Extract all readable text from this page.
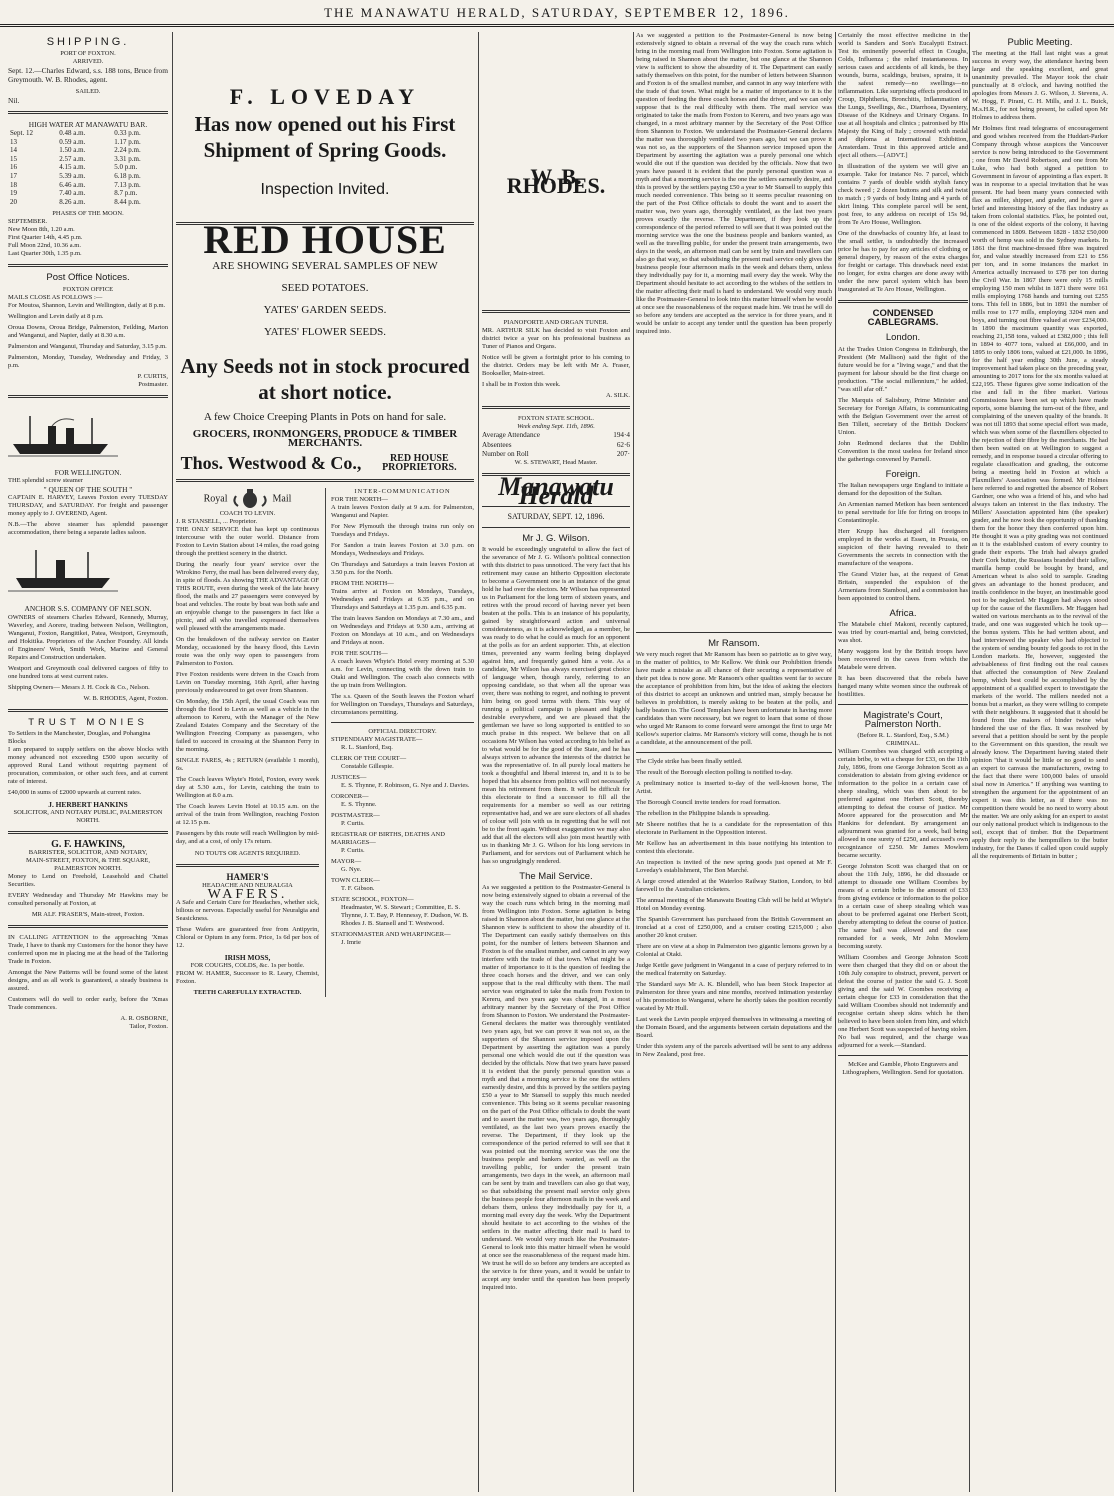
THE MANAWATU HERALD, SATURDAY, SEPTEMBER 12, 1896.
SHIPPING.
PORT OF FOXTON.
ARRIVED.

Sept. 12.—Charles Edward, s.s. 188 tons, Bruce from Greymouth. W. B. Rhodes, agent.

SAILED.

Nil.

HIGH WATER AT MANAWATU BAR.
Sept. 12	0.48 a.m.	0.33 p.m.
13	0.59 a.m.	1.17 p.m.
14	1.50 a.m.	2.24 p.m.
15	2.57 a.m.	3.31 p.m.
16	4.15 a.m.	5.0 p.m.
17	5.39 a.m.	6.18 p.m.
18	6.46 a.m.	7.13 p.m.
19	7.40 a.m.	8.7 p.m.
20	8.26 a.m.	8.44 p.m.
PHASES OF THE MOON.
SEPTEMBER.
New Moon 8th, 1.20 a.m.
First Quarter 14th, 4.45 p.m.
Full Moon 22nd, 10.36 a.m.
Last Quarter 30th, 1.35 p.m.
Post Office Notices.
FOXTON OFFICE
MAILS CLOSE AS FOLLOWS :—

For Moutoa, Shannon, Levin and Wellington, daily at 8 p.m.

Wellington and Levin daily at 8 p.m.

Oroua Downs, Oroua Bridge, Palmerston, Feilding, Marton and Wanganui, and Napier, daily at 8.30 a.m.

Palmerston and Wanganui, Thursday and Saturday, 3.15 p.m.

Palmerston, Monday, Tuesday, Wednesday and Friday, 3 p.m.

P. CURTIS,
Postmaster.
FOR WELLINGTON.
THE splendid screw steamer
" QUEEN OF THE SOUTH "

CAPTAIN E. HARVEY, Leaves Foxton every TUESDAY THURSDAY, and SATURDAY. For freight and passenger money apply to J. OVEREND, Agent.

N.B.—The above steamer has splendid passenger accommodation, there being a separate ladies saloon.

ANCHOR S.S. COMPANY OF NELSON.

OWNERS of steamers Charles Edward, Kennedy, Murray, Waverley, and Aorere, trading between Nelson, Wellington, Wanganui, Foxton, Rangitikei, Patea, Westport, Greymouth, and Hokitika. Proprietors of the Anchor Foundry. All kinds of Engineers' Work, Smith Work, Marine and General Repairs and Construction undertaken.

Westport and Greymouth coal delivered cargoes of fifty to one hundred tons at west current rates.

Shipping Owners— Messrs J. H. Cock & Co., Nelson.

W. B. RHODES, Agent, Foxton.
TRUST MONIES
To Settlers in the Manchester, Douglas, and Pohangina Blocks

I am prepared to supply settlers on the above blocks with money advanced not exceeding £500 upon security of approved Rural Land without requiring payment of procuration, commission, or other such fees, and at current rate of interest.

£40,000 in sums of £2000 upwards at current rates.

J. HERBERT HANKINS
SOLICITOR, AND NOTARY PUBLIC, PALMERSTON NORTH.
G. F. HAWKINS,
BARRISTER, SOLICITOR, AND NOTARY,
MAIN-STREET, FOXTON, & THE SQUARE, PALMERSTON NORTH.

Money to Lend on Freehold, Leasehold and Chattel Securities.

EVERY Wednesday and Thursday Mr Hawkins may be consulted personally at Foxton, at

MR ALF. FRASER'S, Main-street, Foxton.

IN CALLING ATTENTION to the approaching 'Xmas Trade, I have to thank my Customers for the honor they have conferred upon me in placing me at the head of the Tailoring Trade in Foxton.

Amongst the New Patterns will be found some of the latest designs, and as all work is guaranteed, a steady business is assured.

Customers will do well to order early, before the 'Xmas Trade commences.

A. R. OSBORNE,
Tailor, Foxton.
F. LOVEDAY
Has now opened out his First
Shipment of Spring Goods.
Inspection Invited.
RED HOUSE
ARE SHOWING SEVERAL SAMPLES OF NEW
SEED POTATOES.
YATES' GARDEN SEEDS.
YATES' FLOWER SEEDS.
Any Seeds not in stock procured
at short notice.
A few Choice Creeping Plants in Pots on hand for sale.
GROCERS, IRONMONGERS, PRODUCE & TIMBER MERCHANTS.
Thos. Westwood & Co.,	RED HOUSE PROPRIETORS.
Royal	Mail
COACH TO LEVIN.
J. R STANSELL, ... Proprietor.

THE ONLY SERVICE that has kept up continuous intercourse with the outer world. Distance from Foxton to Levin Station about 14 miles, the road going through the prettiest scenery in the district.

During the nearly four years' service over the Wirokino Ferry, the mail has been delivered every day, in spite of floods. As showing THE ADVANTAGE OF THIS ROUTE, even during the week of the late heavy flood, the mails and 27 passengers were conveyed by boat and vehicles. The route by boat was both safe and an enjoyable change to the passengers in fact like a picnic, and all who travelled expressed themselves well pleased with the arrangements made.

On the breakdown of the railway service on Easter Monday, occasioned by the heavy flood, this Levin route was the only way open to passengers from Palmerston to Foxton.

Five Foxton residents were driven in the Coach from Levin on Tuesday morning, 16th April, after having previously endeavoured to get over from Shannon.

On Monday, the 15th April, the usual Coach was run through the flood to Levin as well as a vehicle in the afternoon to Kereru, with the Manager of the New Zealand Estates Company and the Secretary of the Wellington Freezing Company as passengers, who failed to succeed in crossing at the Shannon Ferry in the morning.

SINGLE FARES, 4s ; RETURN (available 1 month), 6s.

The Coach leaves Whyte's Hotel, Foxton, every week day at 5.30 a.m., for Levin, catching the train to Wellington at 8.0 a.m.

The Coach leaves Levin Hotel at 10.15 a.m. on the arrival of the train from Wellington, reaching Foxton at 12.15 p.m.

Passengers by this route will reach Wellington by mid-day, and at a cost, of only 17s return.

NO TOUTS OR AGENTS REQUIRED.
HAMER'S
HEADACHE AND NEURALGIA
WAFERS.

A Safe and Certain Cure for Headaches, whether sick, bilious or nervous. Especially useful for Neuralgia and Seasickness.

These Wafers are guaranteed free from Antipyrin, Chloral or Opium in any form. Price, 1s 6d per box of 12.

IRISH MOSS,
FOR COUGHS, COLDS, &c. 1s per bottle.

FROM W. HAMER, Successor to R. Leary, Chemist, Foxton.

TEETH CAREFULLY EXTRACTED.
INTER-COMMUNICATION
FOR THE NORTH—

A train leaves Foxton daily at 9 a.m. for Palmerston, Wanganui and Napier.

For New Plymouth the through trains run only on Tuesdays and Fridays.

For Sandon a train leaves Foxton at 3.0 p.m. on Mondays, Wednesdays and Fridays.

On Thursdays and Saturdays a train leaves Foxton at 3.50 p.m. for the North.

FROM THE NORTH—

Trains arrive at Foxton on Mondays, Tuesdays, Wednesdays and Fridays at 6.35 p.m., and on Thursdays and Saturdays at 1.35 p.m. and 6.35 p.m.

The train leaves Sandon on Mondays at 7.30 am., and on Wednesdays and Fridays at 9.30 a.m., arriving at Foxton on Mondays at 10 a.m., and on Wednesdays and Fridays at noon.

FOR THE SOUTH—

A coach leaves Whyte's Hotel every morning at 5.30 a.m. for Levin, connecting with the down train to Otaki and Wellington. The coach also connects with the up train from Wellington.

The s.s. Queen of the South leaves the Foxton wharf for Wellington on Tuesdays, Thursdays and Saturdays, circumstances permitting.

OFFICIAL DIRECTORY.
STIPENDIARY MAGISTRATE—
R. L. Stanford, Esq.
CLERK OF THE COURT—
Constable Gillespie.
JUSTICES—
E. S. Thynne, F. Robinson, G. Nye and J. Davies.
CORONER—
E. S. Thynne.
POSTMASTER—
P. Curtis.
REGISTRAR OF BIRTHS, DEATHS AND MARRIAGES—
P. Curtis.
MAYOR—
G. Nye.
TOWN CLERK—
T. F. Gibson.
STATE SCHOOL, FOXTON—
Headmaster, W. S. Stewart ; Committee, E. S. Thynne, J. T. Bay, P. Hennessy, F. Dudson, W. B. Rhodes J. B. Stansell and T. Westwood.
STATIONMASTER AND WHARFINGER—
J. Imrie
W. B. RHODES.
PIANOFORTE AND ORGAN TUNER.

MR. ARTHUR SILK has decided to visit Foxton and district twice a year on his professional business as Tuner of Pianos and Organs.

Notice will be given a fortnight prior to his coming to the district. Orders may be left with Mr A. Fraser, Bookseller, Main-street.

I shall be in Foxton this week.

A. SILK.
FOXTON STATE SCHOOL.
Week ending Sept. 11th, 1896.
Average Attendance	194·4
Absentees	62·6
Number on Roll	207·
W. S. STEWART, Head Master.
Manawatu Herald
SATURDAY, SEPT. 12, 1896.
Mr J. G. Wilson.

It would be exceedingly ungrateful to allow the fact of the severance of Mr J. G. Wilson's political connection with this district to pass unnoticed. The very fact that his retirement may cause an hitherto Opposition electorate to become a Government one is an instance of the great hold he had over the electors. Mr Wilson has represented us in Parliament for the long term of sixteen years, and retires with the proud record of having never yet been beaten at the polls. This is an instance of his popularity, gained by straightforward action and universal considerateness, as it is acknowledged, as a member, he was ready to do what he could as much for an opponent at the polls as for an ardent supporter. This, at election times, prevented any warm feeling being displayed against him, and frequently gained him a vote. As a candidate, Mr Wilson has always exercised great choice of language when, though rarely, referring to an opposing candidate, so that when all the uproar was over, there was nothing to regret, and nothing to prevent him being on good terms with them. This way of running a political campaign is pleasant and highly desirable everywhere, and we are pleased that the gentleman we have so long supported is entitled to so much praise in this respect. We believe that on all occasions Mr Wilson has voted according to his belief as to what would be for the good of the State, and he has always striven to advance the interests of the district he was the representative of. In all purely local matters he took a thoughtful and liberal interest in, and it is to be hoped that his absence from politics will not necessarily mean his retirement from them. It will be difficult for this electorate to find a successor to fill all the requirements for a member so well as our retiring representative had, and we are sure electors of all shades of colour will join with us in regretting that he will not be to the front again. Without exaggeration we may also add that all the electors will also join most heartily with us in thanking Mr J. G. Wilson for his long services in Parliament, and for services out of Parliament which he has so ungrudgingly rendered.

The Mail Service.

As we suggested a petition to the Postmaster-General is now being extensively signed to obtain a reversal of the way the coach runs which bring in the morning mail from Wellington into Foxton. Some agitation is being raised in Shannon about the matter, but one glance at the Shannon view is sufficient to show the absurdity of it. The Department can easily satisfy themselves on this point, for the number of letters between Shannon and Foxton is of the smallest number, and cannot in any way interfere with the trade of that town. What might be a matter of importance to it is the question of feeding the three coach horses and the driver, and we can only suppose that is the real difficulty with them. The mail service was originated to take the mails from Foxton to Kereru, and two years ago was changed, in a most arbitrary manner by the Secretary of the Post Office from Shannon to Foxton. We understand the Postmaster-General declares the matter was thoroughly ventilated two years ago, but we can prove it was not so, as the supporters of the Shannon service imposed upon the Department by asserting the agitation was a purely personal one which would die out if the question was decided by the officials. Now that two years have passed it is evident that the purely personal question was a myth and that a morning service is the one the settlers earnestly desire, and this is proved by the settlers paying £50 a year to Mr Stansell to supply this much needed convenience. This being so it seems peculiar reasoning on the part of the Post Office officials to doubt the want and to assert the matter was, two years ago, thoroughly ventilated, as the last two years proves exactly the reverse. The Department, if they look up the correspondence of the period referred to will see that it was pointed out the morning service was the one the business people and bankers wanted, as well as the travelling public, for under the present train arrangements, two days in the week, an afternoon mail can be sent by train and travellers can also go that way, so that subsidising the present mail service only gives the business people four afternoon mails in the week and debars them, unless they individually pay for it, a morning mail every day the week. Why the Department should hesitate to act according to the wishes of the settlers in the matter affecting their mail is hard to understand. We would very much like the Postmaster-General to look into this matter himself when he would at once see the reasonableness of the request made him. We trust he will do so before any tenders are accepted as the service is for three years, and it would be unfair to accept any tender until the question has been properly inquired into.

As we suggested a petition to the Postmaster-General is now being extensively signed to obtain a reversal of the way the coach runs which bring in the morning mail from Wellington into Foxton. Some agitation is being raised in Shannon about the matter, but one glance at the Shannon view is sufficient to show the absurdity of it. The Department can easily satisfy themselves on this point, for the number of letters between Shannon and Foxton is of the smallest number, and cannot in any way interfere with the trade of that town. What might be a matter of importance to it is the question of feeding the three coach horses and the driver, and we can only suppose that is the real difficulty with them. The mail service was originated to take the mails from Foxton to Kereru, and two years ago was changed, in a most arbitrary manner by the Secretary of the Post Office from Shannon to Foxton. We understand the Postmaster-General declares the matter was thoroughly ventilated two years ago, but we can prove it was not so, as the supporters of the Shannon service imposed upon the Department by asserting the agitation was a purely personal one which would die out if the question was decided by the officials. Now that two years have passed it is evident that the purely personal question was a myth and that a morning service is the one the settlers earnestly desire, and this is proved by the settlers paying £50 a year to Mr Stansell to supply this much needed convenience. This being so it seems peculiar reasoning on the part of the Post Office officials to doubt the want and to assert the matter was, two years ago, thoroughly ventilated, as the last two years proves exactly the reverse. The Department, if they look up the correspondence of the period referred to will see that it was pointed out the morning service was the one the business people and bankers wanted, as well as the travelling public, for under the present train arrangements, two days in the week, an afternoon mail can be sent by train and travellers can also go that way, so that subsidising the present mail service only gives the business people four afternoon mails in the week and debars them, unless they individually pay for it, a morning mail every day the week. Why the Department should hesitate to act according to the wishes of the settlers in the matter affecting their mail is hard to understand. We would very much like the Postmaster-General to look into this matter himself when he would at once see the reasonableness of the request made him. We trust he will do so before any tenders are accepted as the service is for three years, and it would be unfair to accept any tender until the question has been properly inquired into.

Mr Ransom.

We very much regret that Mr Ransom has been so patriotic as to give way, in the matter of politics, to Mr Kellow. We think our Prohibition friends have made a mistake as all chance of their securing a representative of their pet idea is now gone. Mr Ransom's other qualities went far to secure the acceptance of prohibition from him, but the idea of asking the electors of this district to accept an unknown and untried man, simply because he believes in prohibition, is merely asking to be beaten at the polls, and badly beaten to. The Good Templars have been unfortunate in having more candidates than were necessary, but we regret to learn that some of those who urged Mr Ransom to come forward were amongst the first to urge Mr Kellow's superior claims. Mr Ransom's victory will come, though he is not a candidate, at the announcement of the poll.

The Clyde strike has been finally settled.

The result of the Borough election polling is notified to-day.

A preliminary notice is inserted to-day of the well-known horse, The Artist.

The Borough Council invite tenders for road formation.

The rebellion in the Philippine Islands is spreading.

Mr Sheere notifies that he is a candidate for the representation of this electorate in Parliament in the Opposition interest.

Mr Kellow has an advertisement in this issue notifying his intention to contest this electorate.

An inspection is invited of the new spring goods just opened at Mr F. Loveday's establishment, The Bon Marché.

A large crowd attended at the Waterloo Railway Station, London, to bid farewell to the Australian cricketers.

The annual meeting of the Manawatu Boating Club will be held at Whyte's Hotel on Monday evening.

The Spanish Government has purchased from the British Government an ironclad at a cost of £250,000, and a cruiser costing £215,000 ; also another 20 knot cruiser.

There are on view at a shop in Palmerston two gigantic lemons grown by a Colonial at Otaki.

Judge Kettle gave judgment in Wanganui in a case of perjury referred to in the medical fraternity on Saturday.

The Standard says Mr A. K. Blundell, who has been Stock Inspector at Palmerston for three years and nine months, received intimation yesterday of his promotion to Wanganui, where he shortly takes the position recently vacated by Mr Hull.

Last week the Levin people enjoyed themselves in witnessing a meeting of the Domain Board, and the arguments between certain deputations and the Board.

Under this system any of the parcels advertised will be sent to any address in New Zealand, post free.

Certainly the most effective medicine in the world is Sanders and Son's Eucalypti Extract. Test its eminently powerful effect in Coughs, Colds, Influenza ; the relief instantaneous. In serious cases and accidents of all kinds, be they wounds, burns, scaldings, bruises, sprains, it is the safest remedy—no swellings—no inflammation. Like surprising effects produced in Croup, Diphtheria, Bronchitis, Inflammation of the Lungs, Swellings, &c., Diarrhoea, Dysentery, Disease of the Kidneys and Urinary Organs. In use at all hospitals and clinics ; patronised by His Majesty the King of Italy ; crowned with medal and diploma at International Exhibition, Amsterdam. Trust in this approved article and eject all others.—[ADVT.]

In illustration of the system we will give an example. Take for instance No. 7 parcel, which contains 7 yards of double width stylish fancy check tweed ; 2 dozen buttons and silk and twist to match ; 9 yards of body lining and 4 yards of skirt lining. This complete parcel will be sent, post free, to any address on receipt of 15s 9d, from Te Aro House, Wellington.

One of the drawbacks of country life, at least to the small settler, is undoubtedly the increased price he has to pay for any articles of clothing or general drapery, by reason of the extra charges for freight or cartage. This drawback need exist no longer, for extra charges are done away with under the new parcel system which has been inaugurated at Te Aro House, Wellington.

CONDENSED CABLEGRAMS.
London.

At the Trades Union Congress in Edinburgh, the President (Mr Mallison) said the fight of the future would be for a "living wage," and that the payment for labour should be the first charge on production. "The social millennium," he added, "was still afar off."

The Marquis of Salisbury, Prime Minister and Secretary for Foreign Affairs, is communicating with the Belgian Government over the arrest of Ben Tillett, secretary of the British Dockers' Union.

John Redmond declares that the Dublin Convention is the most useless for Ireland since the gatherings convened by Parnell.

Foreign.

The Italian newspapers urge England to initiate a demand for the deposition of the Sultan.

An Armenian named Metkon has been sentenced to penal servitude for life for firing on troops in Constantinople.

Herr Krupp has discharged all foreigners employed in the works at Essen, in Prussia, on suspicion of their having revealed to their Governments the secrets in connection with the manufacture of the weapons.

The Grand Vizier has, at the request of Great Britain, suspended the expulsion of the Armenians from Stamboul, and a commission has been appointed to control them.

Africa.

The Matabele chief Makoni, recently captured, was tried by court-martial and, being convicted, was shot.

Many waggons lost by the British troops have been recovered in the caves from which the Matabele were driven.

It has been discovered that the rebels have hanged many white women since the outbreak of hostilities.

Magistrate's Court, Palmerston North.
(Before R. L. Stanford, Esq., S.M.)
CRIMINAL.

William Coombes was charged with accepting a certain bribe, to wit a cheque for £33, on the 11th July, 1896, from one George Johnston Scott as a consideration to abstain from giving evidence or information to the police in a certain case of sheep stealing, which was then about to be preferred against one Herbert Scott, thereby attempting to defeat the course of justice. Mr Moore appeared for the prosecution and Mr Hankins for defendant. By arrangement an adjournment was granted for a week, bail being allowed in one surety of £250, and accused's own recognizance of £250. Mr James Mowlem became security.

George Johnston Scott was charged that on or about the 11th July, 1896, he did dissuade or attempt to dissuade one William Coombes by means of a certain bribe to the amount of £33 from giving evidence or information to the police in a certain case of sheep stealing which was about to be preferred against one Herbert Scott, thereby attempting to defeat the course of justice. The same bail was allowed and the case remanded for a week, Mr John Mowlem becoming surety.

William Coombes and George Johnston Scott were then charged that they did on or about the 10th July conspire to obstruct, prevent, pervert or defeat the course of justice the said G. J. Scott giving and the said W. Coombes receiving a certain cheque for £33 in consideration that the said William Coombes should not indemnify and recognise certain sheep skins which he then believed to have been stolen from him, and which one Herbert Scott was suspected of having stolen. No bail was required, and the charge was adjourned for a week.—Standard.

McKee and Gamble, Photo Engravers and Lithographers, Wellington. Send for quotation.

Public Meeting.

The meeting at the Hall last night was a great success in every way, the attendance having been large and the speaking excellent, and great unanimity prevailed. The Mayor took the chair punctually at 8 o'clock, and having notified the apologies from Messrs J. G. Wilson, J. Stevens, A. W. Hogg, F. Pirani, C. H. Mills, and J. L. Buick, M.s.H.R., for not being present, he called upon Mr Holmes to address them.

Mr Holmes first read telegrams of encouragement and good wishes received from the Huddart-Parker Company through whose auspices the Vancouver service is now being introduced to the Government ; one from Mr David Robertson, and one from Mr Luke, who had both signed a petition to Government in favour of appointing a flax expert. It was in response to a special invitation that he was present. He had been many years connected with flax as miller, shipper, and grader, and he gave a brief and interesting history of the flax industry as taken from colonial statistics. Flax, he pointed out, is one of the oldest exports of the colony, it having commenced in 1809. Between 1828 - 1832 £50,000 worth of hemp was sold in the Sydney markets. In 1861 the first machine-dressed fibre was inquired for, and value steadily increased from £21 to £56 per ton, and in some instances the market in America actually increased to £78 per ton during the Civil War. In 1867 there were only 15 mills employing 150 men whilst in 1871 there were 161 mills employing 1768 hands and turning out £255 tons. This fell in 1886, but in 1891 the number of mills rose to 177 mills, employing 3204 men and boys, and turning out fibre valued at over £234,000. In 1890 the maximum quantity was exported, reaching 21,158 tons, valued at £382,000 ; this fell in 1894 to 4077 tons, valued at £66,000, and in 1895 to only 1806 tons, valued at £21,000. In 1896, for the half year ending 30th June, a steady improvement had taken place on the preceding year, amounting to 2017 tons for the six months valued at £22,195. These figures give some indication of the rise and fall in the fibre market. Various Commissions have been set up which have made reports, some blaming the turn-out of the fibre, and complaining of the uneven quality of the brands. It was not till 1893 that some special effort was made, which was when some of the flaxmillers objected to the rejection of their fibre by the merchants. He had then been waited on at Wellington to suggest a remedy, and in response issued a circular offering to regulate classification and grading, the outcome being a meeting held in Foxton at which a Flaxmillers' Association was formed. Mr Holmes here referred to and regretted the absence of Robert Gardner, one who was a friend of his, and who had always taken an interest in the flax industry. The Millers' Association appointed him (the speaker) grader, and he now took the opportunity of thanking them for the honor they then conferred upon him. He thought it was a pity grading was not continued as it is the established custom of every country to grade their exports. The Irish had always graded their Cork butter, the Russians branded their tallow, manilla hemp could be bought by brand, and American wheat is also sold to sample. Grading gives an advantage to the honest producer, and instils confidence in the buyer, an inestimable good not to be neglected. Mr Haggen had always stood up for the cause of the flaxmillers. Mr Haggen had waited on various merchants as to the revival of the trade, and one was suggested which he took up—the bonus system. This he had written about, and had interviewed the speaker who had objected to the system of sending bounty fed goods to rot in the London markets. He, however, suggested the advisableness of first finding out the real causes that affected the consumption of New Zealand hemp, which best could be accomplished by the appointment of a qualified expert to investigate the markets of the world. The millers needed not a bonus but a market, as they were willing to compete with their neighbours. It suggested that it should be found from the makers of binder twine what hindered the use of the flax. It was resolved by several that a petition should be sent by the people to the Government on this question, the result we already know. The Department having stated their opinion "that it would be little or no good to send an expert to canvass the manufacturers, owing to the fact that there were 100,000 bales of unsold sisal now in America." If anything was wanting to strengthen the argument for the appointment of an expert it was this letter, as if there was no competition there would be no need to worry about the matter. We are only asking for an expert to assist our only national product which is indigenous to the soil, except that of timber. But the Department apply their reply to the hempmillers to the butter industry, for the Danes if called upon could supply all the requirements of Britain in butter ;
